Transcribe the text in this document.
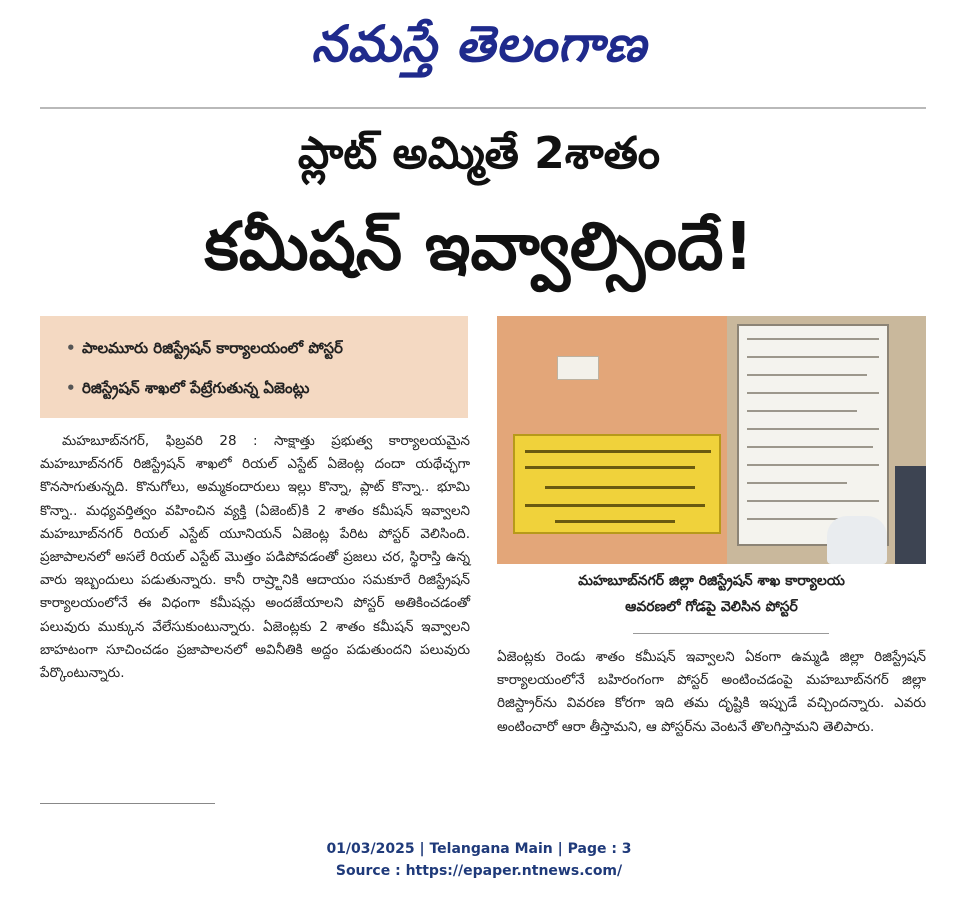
నమస్తే తెలంగాణ
ప్లాట్ అమ్మితే 2శాతం
కమీషన్ ఇవ్వాల్సిందే!
• పాలమూరు రిజిస్ట్రేషన్ కార్యాలయంలో పోస్టర్
• రిజిస్ట్రేషన్ శాఖలో పేట్రేగుతున్న ఏజెంట్లు

మహబూబ్‌నగర్, ఫిబ్రవరి 28 : సాక్షాత్తు ప్రభుత్వ కార్యాలయమైన మహబూబ్‌నగర్ రిజిస్ట్రేషన్ శాఖలో రియల్ ఎస్టేట్ ఏజెంట్ల దందా యథేచ్ఛగా కొనసాగుతున్నది. కొనుగోలు, అమ్మకందారులు ఇల్లు కొన్నా, ప్లాట్ కొన్నా.. భూమి కొన్నా.. మధ్యవర్తిత్వం వహించిన వ్యక్తి (ఏజెంట్)కి 2 శాతం కమీషన్ ఇవ్వాలని మహబూబ్‌నగర్ రియల్ ఎస్టేట్ యూనియన్ ఏజెంట్ల పేరిట పోస్టర్ వెలిసింది. ప్రజాపాలనలో అసలే రియల్ ఎస్టేట్ మొత్తం పడిపోవడంతో ప్రజలు చర, స్థిరాస్తి ఉన్న వారు ఇబ్బందులు పడుతున్నారు. కానీ రాష్ర్టానికి ఆదాయం సమకూరే రిజిస్ట్రేషన్ కార్యాలయంలోనే ఈ విధంగా కమీషన్లు అందజేయాలని పోస్టర్ అతికించడంతో పలువురు ముక్కున వేలేసుకుంటున్నారు. ఏజెంట్లకు 2 శాతం కమీషన్ ఇవ్వాలని బాహటంగా సూచించడం ప్రజాపాలనలో అవినీతికి అద్దం పడుతుందని పలువురు పేర్కొంటున్నారు.

మహబూబ్‌నగర్ జిల్లా రిజిస్ట్రేషన్ శాఖ కార్యాలయ
ఆవరణలో గోడపై వెలిసిన పోస్టర్

ఏజెంట్లకు రెండు శాతం కమీషన్ ఇవ్వాలని ఏకంగా ఉమ్మడి జిల్లా రిజిస్ట్రేషన్ కార్యాలయంలోనే బహిరంగంగా పోస్టర్ అంటించడంపై మహబూబ్‌నగర్ జిల్లా రిజిస్ట్రార్‌ను వివరణ కోరగా ఇది తమ దృష్టికి ఇప్పుడే వచ్చిందన్నారు. ఎవరు అంటించారో ఆరా తీస్తామని, ఆ పోస్టర్‌ను వెంటనే తొలగిస్తామని తెలిపారు.

01/03/2025 | Telangana Main | Page : 3
Source : https://epaper.ntnews.com/
